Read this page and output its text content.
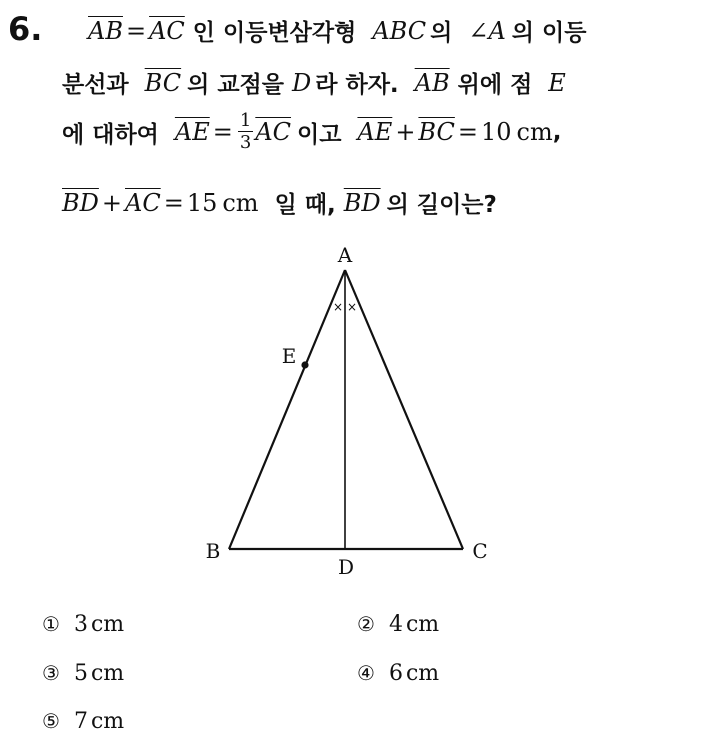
6. $\overline{AB} = \overline{AC}$ 인 이등변삼각형 ABC 의 ∠A 의 이등
분선과 $\overline{BC}$ 의 교점을 D 라 하자. $\overline{AB}$ 위에 점 E
에 대하여 $\overline{AE} = \frac{1}{3} \overline{AC}$ 이고 $\overline{AE} + \overline{BC} = 10$ cm ,
$\overline{BD} + \overline{AC} = 15$ cm 일 때, $\overline{BD}$ 의 길이는?
× ×
A
E
B	C
D
① 3 cm	② 4 cm
③ 5 cm	④ 6 cm
⑤ 7 cm
